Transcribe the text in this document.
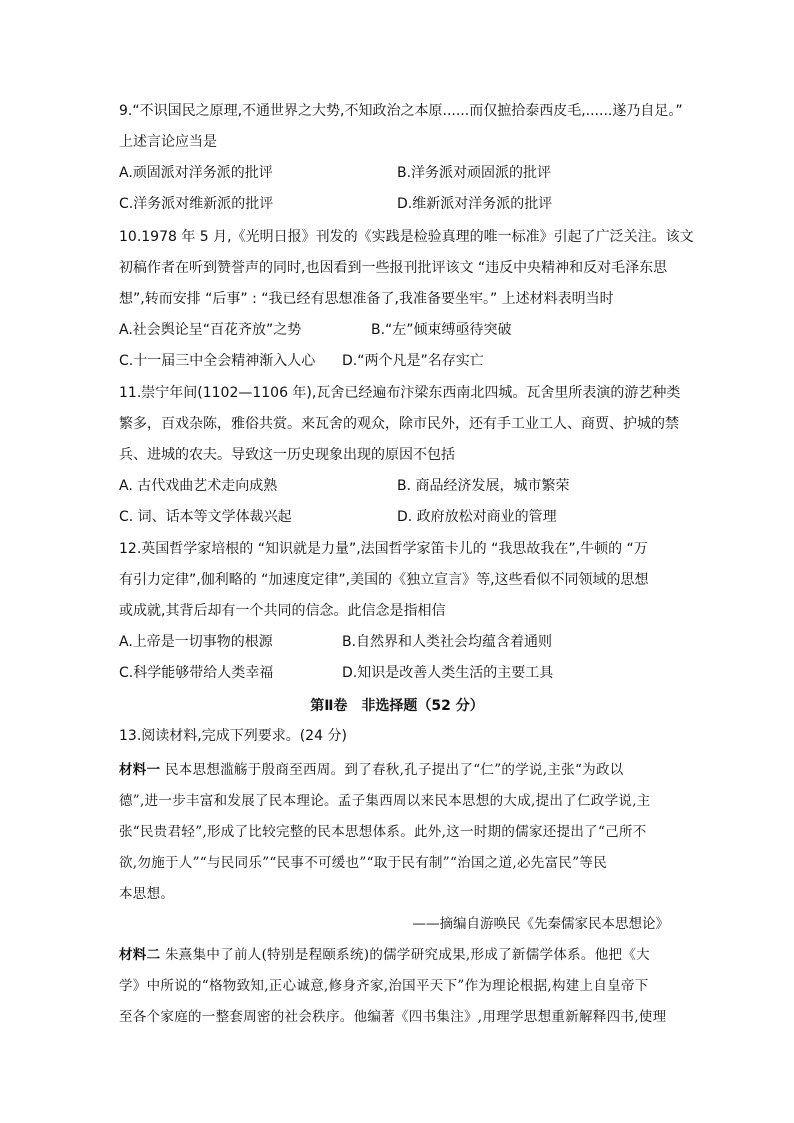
9.“不识国民之原理,不通世界之大势,不知政治之本原......而仅摭拾泰西皮毛,......遂乃自足。”
上述言论应当是
A.顽固派对洋务派的批评	B.洋务派对顽固派的批评
C.洋务派对维新派的批评	D.维新派对洋务派的批评
10.1978 年 5 月,《光明日报》刊发的《实践是检验真理的唯一标准》引起了广泛关注。该文
初稿作者在听到赞誉声的同时,也因看到一些报刊批评该文 “违反中央精神和反对毛泽东思
想”,转而安排 “后事” : “我已经有思想准备了,我准备要坐牢。” 上述材料表明当时
A.社会舆论呈“百花齐放”之势	B.“左”倾束缚亟待突破
C.十一届三中全会精神渐入人心 D.“两个凡是”名存实亡
11.崇宁年间(1102—1106 年),瓦舍已经遍布汴梁东西南北四城。瓦舍里所表演的游艺种类
繁多，百戏杂陈，雅俗共赏。来瓦舍的观众，除市民外，还有手工业工人、商贾、护城的禁
兵、进城的农夫。导致这一历史现象出现的原因不包括
A. 古代戏曲艺术走向成熟	B. 商品经济发展，城市繁荣
C. 词、话本等文学体裁兴起	D. 政府放松对商业的管理
12.英国哲学家培根的 “知识就是力量”,法国哲学家笛卡儿的 “我思故我在”,牛顿的 “万
有引力定律”,伽利略的 “加速度定律”,美国的《独立宣言》等,这些看似不同领域的思想
或成就,其背后却有一个共同的信念。此信念是指相信
A.上帝是一切事物的根源	B.自然界和人类社会均蕴含着通则
C.科学能够带给人类幸福	D.知识是改善人类生活的主要工具
第Ⅱ卷　非选择题（52 分）
13.阅读材料,完成下列要求。(24 分)
材料一 民本思想滥觞于殷商至西周。到了春秋,孔子提出了“仁”的学说,主张“为政以
德”,进一步丰富和发展了民本理论。孟子集西周以来民本思想的大成,提出了仁政学说,主
张“民贵君轻”,形成了比较完整的民本思想体系。此外,这一时期的儒家还提出了“己所不
欲,勿施于人”“与民同乐”“民事不可缓也”“取于民有制”“治国之道,必先富民”等民
本思想。
——摘编自游唤民《先秦儒家民本思想论》
材料二 朱熹集中了前人(特别是程颐系统)的儒学研究成果,形成了新儒学体系。他把《大
学》中所说的“格物致知,正心诚意,修身齐家,治国平天下”作为理论根据,构建上自皇帝下
至各个家庭的一整套周密的社会秩序。他编著《四书集注》,用理学思想重新解释四书,使理
